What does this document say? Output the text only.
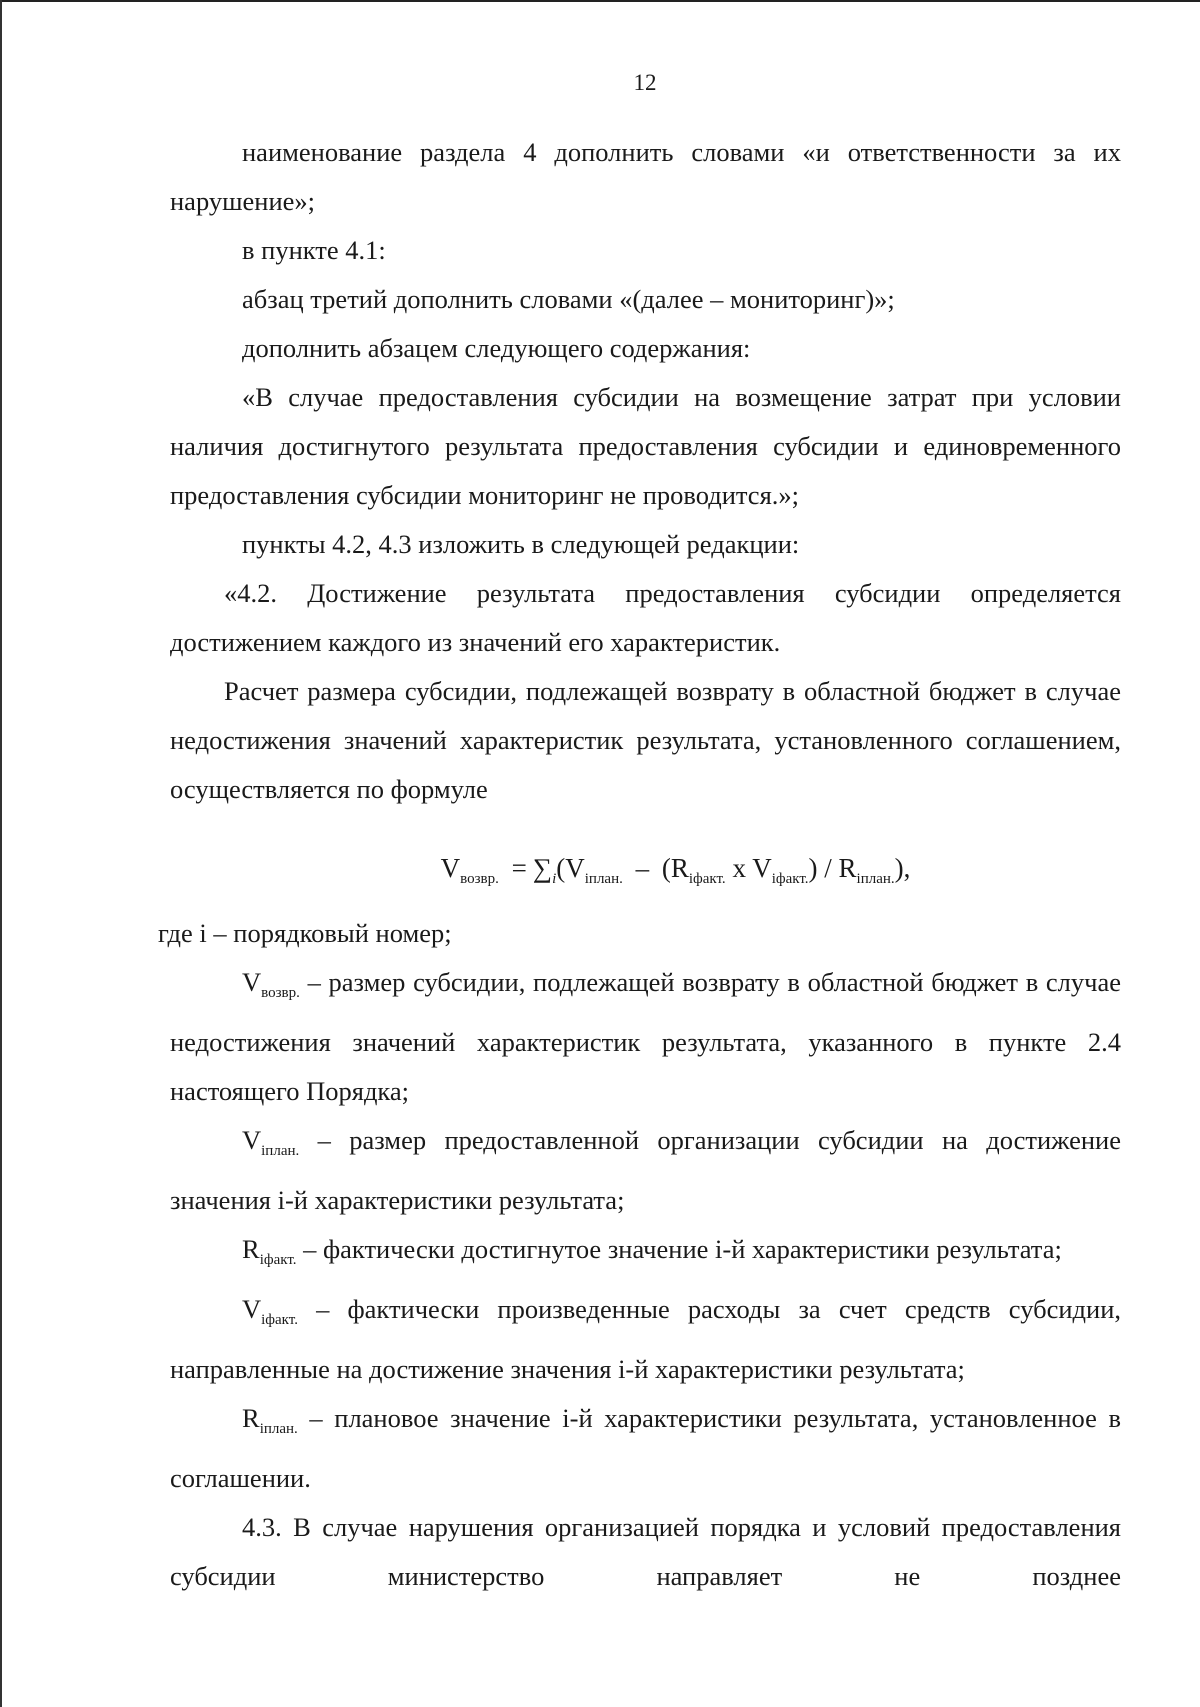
12

наименование раздела 4 дополнить словами «и ответственности за их нарушение»;

в пункте 4.1:

абзац третий дополнить словами «(далее – мониторинг)»;

дополнить абзацем следующего содержания:

«В случае предоставления субсидии на возмещение затрат при условии наличия достигнутого результата предоставления субсидии и единовременного предоставления субсидии мониторинг не проводится.»;

пункты 4.2, 4.3 изложить в следующей редакции:

«4.2. Достижение результата предоставления субсидии определяется достижением каждого из значений его характеристик.

Расчет размера субсидии, подлежащей возврату в областной бюджет в случае недостижения значений характеристик результата, установленного соглашением, осуществляется по формуле

$V_{возвр.} = \sum_i(V_{iплан.} - (R_{iфакт.}$ x $V_{iфакт.}) / R_{iплан.}$),

где i – порядковый номер;

$V_{возвр.}$ – размер субсидии, подлежащей возврату в областной бюджет в случае недостижения значений характеристик результата, указанного в пункте 2.4 настоящего Порядка;

$V_{iплан.}$ – размер предоставленной организации субсидии на достижение значения i-й характеристики результата;

$R_{iфакт.}$ – фактически достигнутое значение i-й характеристики результата;

$V_{iфакт.}$ – фактически произведенные расходы за счет средств субсидии, направленные на достижение значения i-й характеристики результата;

$R_{iплан.}$ – плановое значение i-й характеристики результата, установленное в соглашении.

4.3. В случае нарушения организацией порядка и условий предоставления субсидии министерство направляет не позднее
